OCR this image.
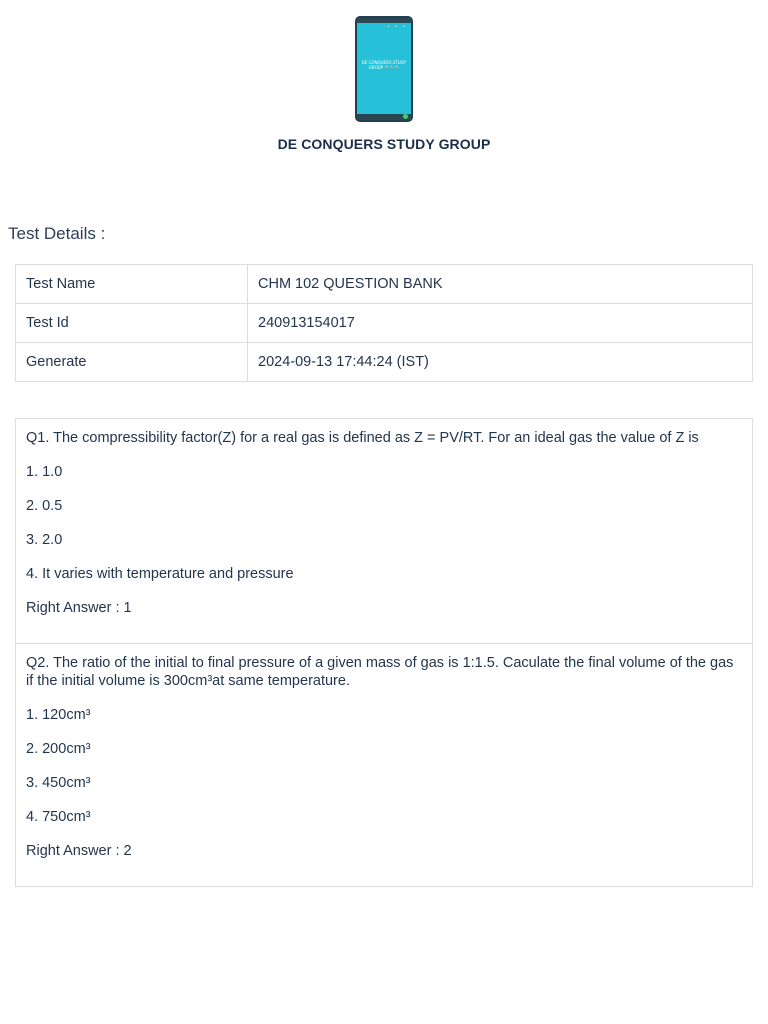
• • •
DE CONQUERS STUDY GROUP 🔩🔩🔩
DE CONQUERS STUDY GROUP
Test Details :
Test Name	CHM 102 QUESTION BANK
Test Id	240913154017
Generate	2024-09-13 17:44:24 (IST)
Q1. The compressibility factor(Z) for a real gas is defined as Z = PV/RT. For an ideal gas the value of Z is
1. 1.0
2. 0.5
3. 2.0
4. It varies with temperature and pressure
Right Answer : 1
Q2. The ratio of the initial to final pressure of a given mass of gas is 1:1.5. Caculate the final volume of the gas if the initial volume is 300cm³at same temperature.
1. 120cm³
2. 200cm³
3. 450cm³
4. 750cm³
Right Answer : 2
